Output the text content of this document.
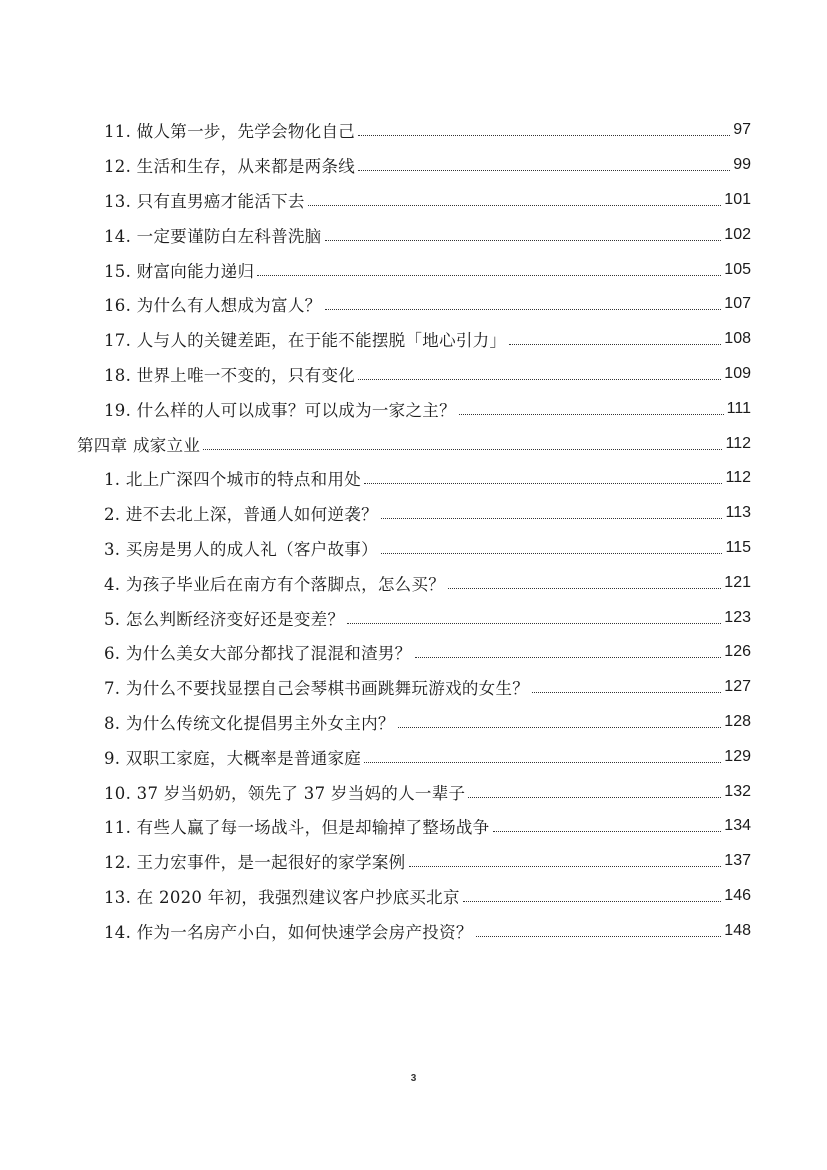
11. 做人第一步，先学会物化自己	97
12. 生活和生存，从来都是两条线	99
13. 只有直男癌才能活下去	101
14. 一定要谨防白左科普洗脑	102
15. 财富向能力递归	105
16. 为什么有人想成为富人？	107
17. 人与人的关键差距，在于能不能摆脱「地心引力」	108
18. 世界上唯一不变的，只有变化	109
19. 什么样的人可以成事？可以成为一家之主？	111
第四章 成家立业	112
1. 北上广深四个城市的特点和用处	112
2. 进不去北上深，普通人如何逆袭？	113
3. 买房是男人的成人礼（客户故事）	115
4. 为孩子毕业后在南方有个落脚点，怎么买？	121
5. 怎么判断经济变好还是变差？	123
6. 为什么美女大部分都找了混混和渣男？	126
7. 为什么不要找显摆自己会琴棋书画跳舞玩游戏的女生？	127
8. 为什么传统文化提倡男主外女主内？	128
9. 双职工家庭，大概率是普通家庭	129
10. 37 岁当奶奶，领先了 37 岁当妈的人一辈子	132
11. 有些人赢了每一场战斗，但是却输掉了整场战争	134
12. 王力宏事件，是一起很好的家学案例	137
13. 在 2020 年初，我强烈建议客户抄底买北京	146
14. 作为一名房产小白，如何快速学会房产投资？	148
3
